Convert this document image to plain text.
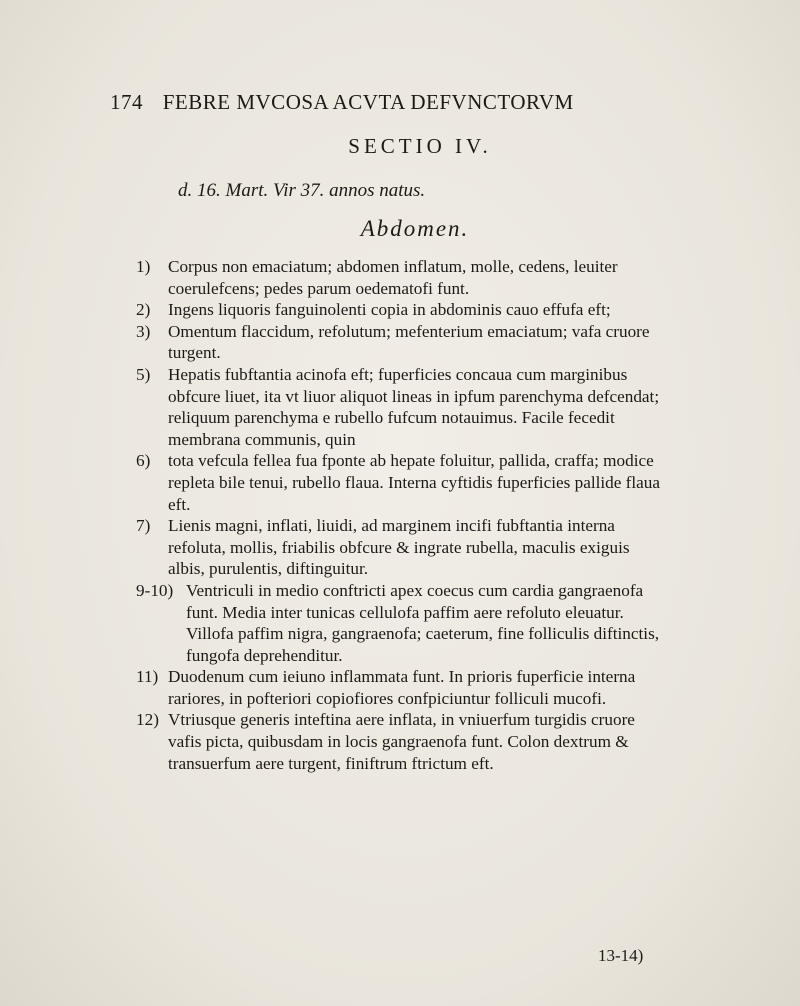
174 FEBRE MVCOSA ACVTA DEFVNCTORVM
SECTIO IV.
d. 16. Mart. Vir 37. annos natus.
Abdomen.

1) Corpus non emaciatum; abdomen inflatum, molle, cedens, leuiter coerulefcens; pedes parum oedematofi funt.

2) Ingens liquoris fanguinolenti copia in abdominis cauo effufa eft;

3) Omentum flaccidum, refolutum; mefenterium emaciatum; vafa cruore turgent.

5) Hepatis fubftantia acinofa eft; fuperficies concaua cum marginibus obfcure liuet, ita vt liuor aliquot lineas in ipfum parenchyma defcendat; reliquum parenchyma e rubello fufcum notauimus. Facile fecedit membrana communis, quin

6) tota vefcula fellea fua fponte ab hepate foluitur, pallida, craffa; modice repleta bile tenui, rubello flaua. Interna cyftidis fuperficies pallide flaua eft.

7) Lienis magni, inflati, liuidi, ad marginem incifi fubftantia interna refoluta, mollis, friabilis obfcure & ingrate rubella, maculis exiguis albis, purulentis, diftinguitur.

9-10) Ventriculi in medio conftricti apex coecus cum cardia gangraenofa funt. Media inter tunicas cellulofa paffim aere refoluto eleuatur. Villofa paffim nigra, gangraenofa; caeterum, fine folliculis diftinctis, fungofa deprehenditur.

11) Duodenum cum ieiuno inflammata funt. In prioris fuperficie interna rariores, in pofteriori copiofiores confpiciuntur folliculi mucofi.

12) Vtriusque generis inteftina aere inflata, in vniuerfum turgidis cruore vafis picta, quibusdam in locis gangraenofa funt. Colon dextrum & transuerfum aere turgent, finiftrum ftrictum eft.

13-14)
